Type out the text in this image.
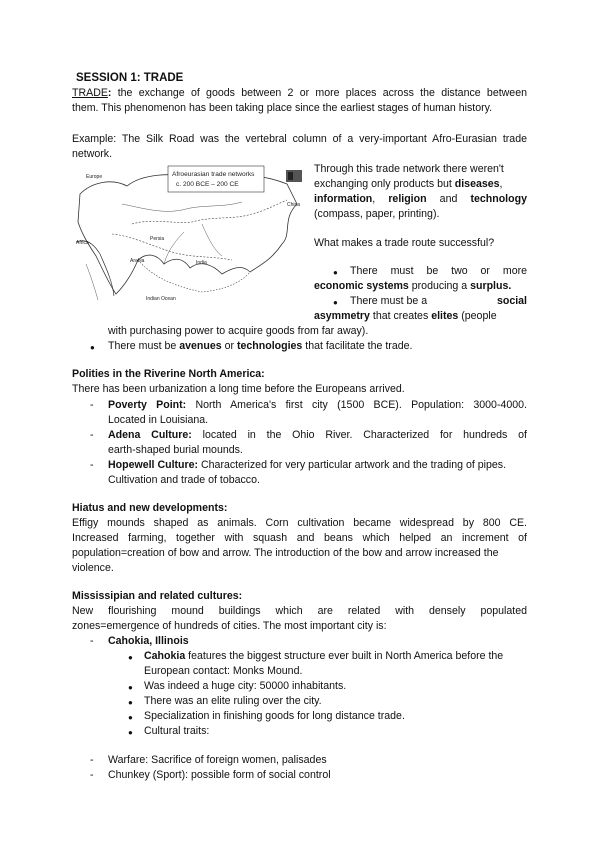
SESSION 1: TRADE
TRADE: the exchange of goods between 2 or more places across the distance between
them. This phenomenon has been taking place since the earliest stages of human history.
Example: The Silk Road was the vertebral column of a very-important Afro-Eurasian trade
network.
Afroeurasian trade networks
c. 200 BCE – 200 CE
Europe
China
Africa
Persia
Arabia	India
Indian Ocean
Through this trade network there weren't
exchanging only products but diseases,
information, religion and technology
(compass, paper, printing).
What makes a trade route successful?
● There must be two or more
economic systems producing a surplus.
● There must be a	social
asymmetry that creates elites (people
with purchasing power to acquire goods from far away).
● There must be avenues or technologies that facilitate the trade.
Polities in the Riverine North America:
There has been urbanization a long time before the Europeans arrived.
- Poverty Point: North America's first city (1500 BCE). Population: 3000-4000.
Located in Louisiana.
- Adena Culture: located in the Ohio River. Characterized for hundreds of
earth-shaped burial mounds.
- Hopewell Culture: Characterized for very particular artwork and the trading of pipes.
Cultivation and trade of tobacco.
Hiatus and new developments:
Effigy mounds shaped as animals. Corn cultivation became widespread by 800 CE.
Increased farming, together with squash and beans which helped an increment of
population=creation of bow and arrow. The introduction of the bow and arrow increased the
violence.
Mississipian and related cultures:
New flourishing mound buildings which are related with densely populated
zones=emergence of hundreds of cities. The most important city is:
- Cahokia, Illinois
● Cahokia features the biggest structure ever built in North America before the
European contact: Monks Mound.
● Was indeed a huge city: 50000 inhabitants.
● There was an elite ruling over the city.
● Specialization in finishing goods for long distance trade.
● Cultural traits:
- Warfare: Sacrifice of foreign women, palisades
- Chunkey (Sport): possible form of social control
